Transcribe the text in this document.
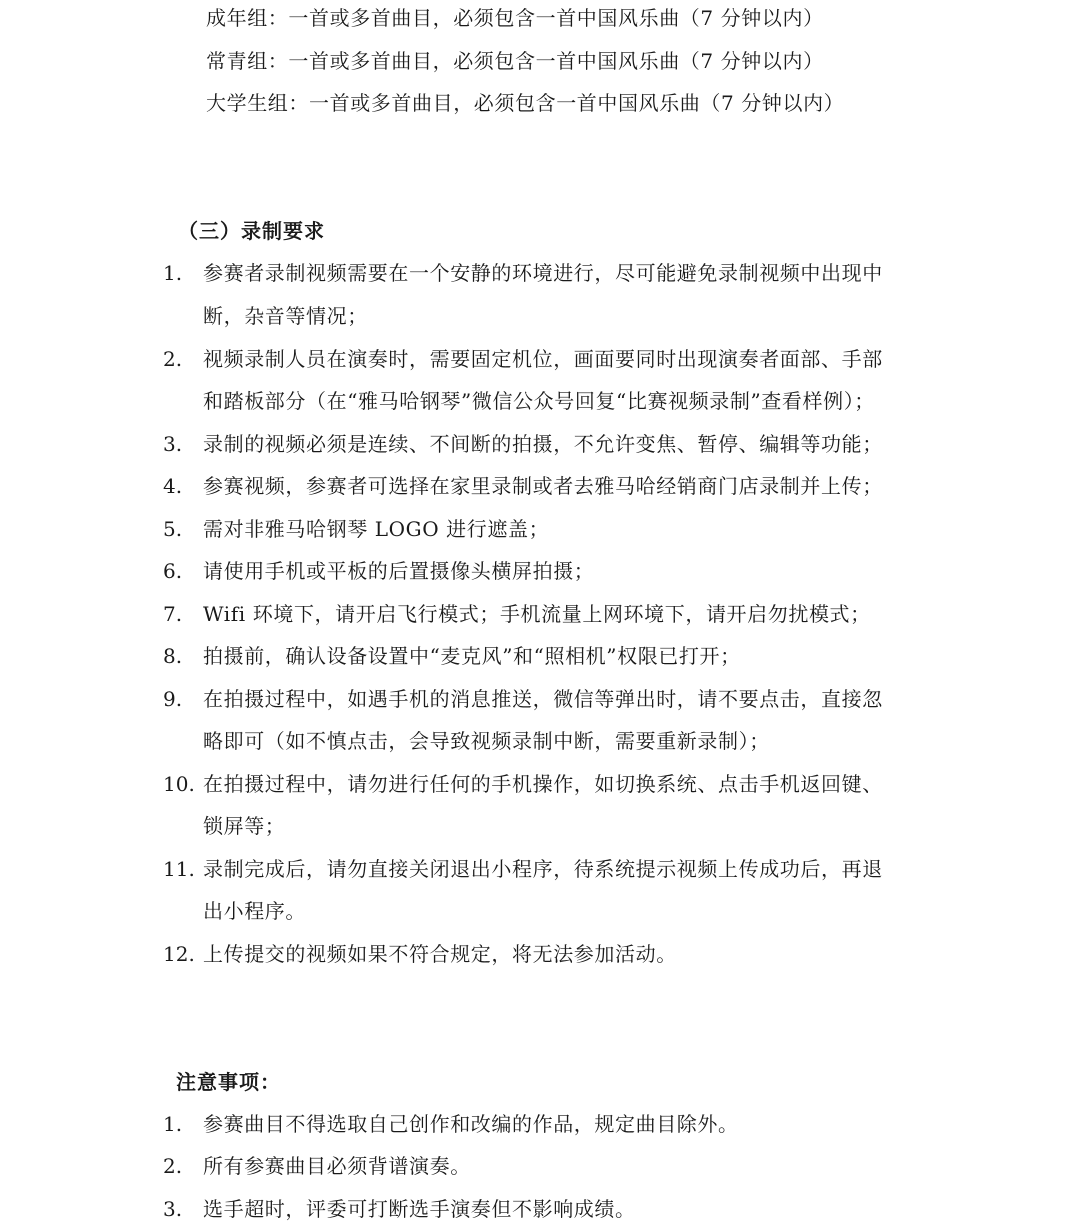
成年组：一首或多首曲目，必须包含一首中国风乐曲（7 分钟以内）
常青组：一首或多首曲目，必须包含一首中国风乐曲（7 分钟以内）
大学生组：一首或多首曲目，必须包含一首中国风乐曲（7 分钟以内）
（三）录制要求
1. 参赛者录制视频需要在一个安静的环境进行，尽可能避免录制视频中出现中
断，杂音等情况；
2. 视频录制人员在演奏时，需要固定机位，画面要同时出现演奏者面部、手部
和踏板部分（在“雅马哈钢琴”微信公众号回复“比赛视频录制”查看样例）；
3. 录制的视频必须是连续、不间断的拍摄，不允许变焦、暂停、编辑等功能；
4. 参赛视频，参赛者可选择在家里录制或者去雅马哈经销商门店录制并上传；
5. 需对非雅马哈钢琴 LOGO 进行遮盖；
6. 请使用手机或平板的后置摄像头横屏拍摄；
7. Wifi 环境下，请开启飞行模式；手机流量上网环境下，请开启勿扰模式；
8. 拍摄前，确认设备设置中“麦克风”和“照相机”权限已打开；
9. 在拍摄过程中，如遇手机的消息推送，微信等弹出时，请不要点击，直接忽
略即可（如不慎点击，会导致视频录制中断，需要重新录制）；
10. 在拍摄过程中，请勿进行任何的手机操作，如切换系统、点击手机返回键、
锁屏等；
11. 录制完成后，请勿直接关闭退出小程序，待系统提示视频上传成功后，再退
出小程序。
12. 上传提交的视频如果不符合规定，将无法参加活动。
注意事项：
1. 参赛曲目不得选取自己创作和改编的作品，规定曲目除外。
2. 所有参赛曲目必须背谱演奏。
3. 选手超时，评委可打断选手演奏但不影响成绩。
